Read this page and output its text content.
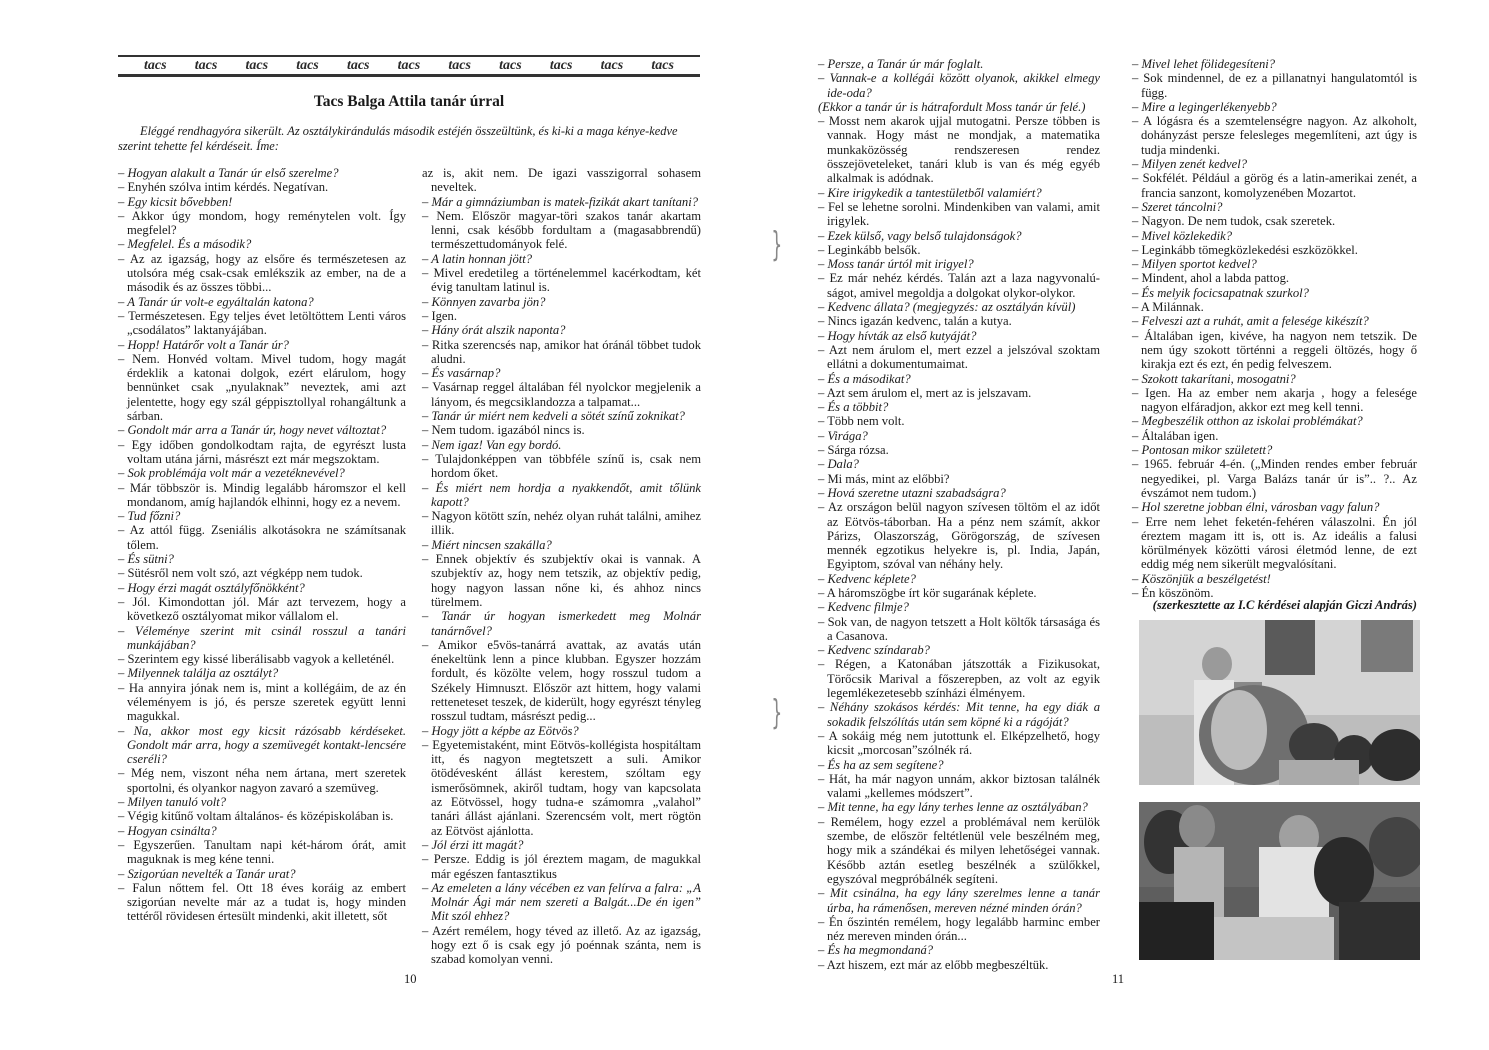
tacs tacs tacs tacs tacs tacs tacs tacs tacs tacs tacs
Tacs Balga Attila tanár úrral
Eléggé rendhagyóra sikerült. Az osztálykirándulás második estéjén összeültünk, és ki-ki a maga kénye-kedve szerint tehette fel kérdéseit. Íme:

– Hogyan alakult a Tanár úr első szerelme?

– Enyhén szólva intim kérdés. Negatívan.

– Egy kicsit bővebben!

– Akkor úgy mondom, hogy reménytelen volt. Így megfelel?

– Megfelel. És a második?

– Az az igazság, hogy az elsőre és természetesen az utolsóra még csak-csak emlékszik az ember, na de a második és az összes többi...

– A Tanár úr volt-e egyáltalán katona?

– Természetesen. Egy teljes évet letöltöttem Lenti város „csodálatos” laktanyájában.

– Hopp! Határőr volt a Tanár úr?

– Nem. Honvéd voltam. Mivel tudom, hogy magát érdeklik a katonai dolgok, ezért elárulom, hogy bennünket csak „nyulaknak” neveztek, ami azt jelentette, hogy egy szál géppisztollyal rohangáltunk a sárban.

– Gondolt már arra a Tanár úr, hogy nevet változtat?

– Egy időben gondolkodtam rajta, de egyrészt lusta voltam utána járni, másrészt ezt már megszoktam.

– Sok problémája volt már a vezetéknevével?

– Már többször is. Mindig legalább háromszor el kell mondanom, amíg hajlandók elhinni, hogy ez a nevem.

– Tud főzni?

– Az attól függ. Zseniális alkotásokra ne számítsanak tőlem.

– És sütni?

– Sütésről nem volt szó, azt végképp nem tudok.

– Hogy érzi magát osztályfőnökként?

– Jól. Kimondottan jól. Már azt tervezem, hogy a következő osztályomat mikor vállalom el.

– Véleménye szerint mit csinál rosszul a tanári munkájában?

– Szerintem egy kissé liberálisabb vagyok a kelleténél.

– Milyennek találja az osztályt?

– Ha annyira jónak nem is, mint a kollégáim, de az én véleményem is jó, és persze szeretek együtt lenni magukkal.

– Na, akkor most egy kicsit rázósabb kérdéseket. Gondolt már arra, hogy a szemüvegét kontakt-lencsére cseréli?

– Még nem, viszont néha nem ártana, mert szeretek sportolni, és olyankor nagyon zavaró a szemüveg.

– Milyen tanuló volt?

– Végig kitűnő voltam általános- és középiskolában is.

– Hogyan csinálta?

– Egyszerűen. Tanultam napi két-három órát, amit maguknak is meg kéne tenni.

– Szigorúan nevelték a Tanár urat?

– Falun nőttem fel. Ott 18 éves koráig az embert szigorúan nevelte már az a tudat is, hogy minden tettéről rövidesen értesült mindenki, akit illetett, sőt

az is, akit nem. De igazi vasszigorral sohasem neveltek.

– Már a gimnáziumban is matek-fizikát akart tanítani?

– Nem. Először magyar-töri szakos tanár akartam lenni, csak később fordultam a (magasabbrendű) természettudományok felé.

– A latin honnan jött?

– Mivel eredetileg a történelemmel kacérkodtam, két évig tanultam latinul is.

– Könnyen zavarba jön?

– Igen.

– Hány órát alszik naponta?

– Ritka szerencsés nap, amikor hat óránál többet tudok aludni.

– És vasárnap?

– Vasárnap reggel általában fél nyolckor megjelenik a lányom, és megcsiklandozza a talpamat...

– Tanár úr miért nem kedveli a sötét színű zoknikat?

– Nem tudom. igazából nincs is.

– Nem igaz! Van egy bordó.

– Tulajdonképpen van többféle színű is, csak nem hordom őket.

– És miért nem hordja a nyakkendőt, amit tőlünk kapott?

– Nagyon kötött szín, nehéz olyan ruhát találni, amihez illik.

– Miért nincsen szakálla?

– Ennek objektív és szubjektív okai is vannak. A szubjektív az, hogy nem tetszik, az objektív pedig, hogy nagyon lassan nőne ki, és ahhoz nincs türelmem.

– Tanár úr hogyan ismerkedett meg Molnár tanárnővel?

– Amikor e5vös-tanárrá avattak, az avatás után énekeltünk lenn a pince klubban. Egyszer hozzám fordult, és közölte velem, hogy rosszul tudom a Székely Himnuszt. Először azt hittem, hogy valami retteneteset teszek, de kiderült, hogy egyrészt tényleg rosszul tudtam, másrészt pedig...

– Hogy jött a képbe az Eötvös?

– Egyetemistaként, mint Eötvös-kollégista hospitáltam itt, és nagyon megtetszett a suli. Amikor ötödévesként állást kerestem, szóltam egy ismerősömnek, akiről tudtam, hogy van kapcsolata az Eötvössel, hogy tudna-e számomra „valahol” tanári állást ajánlani. Szerencsém volt, mert rögtön az Eötvöst ajánlotta.

– Jól érzi itt magát?

– Persze. Eddig is jól éreztem magam, de magukkal már egészen fantasztikus

– Az emeleten a lány vécében ez van felírva a falra: „A Molnár Ági már nem szereti a Balgát...De én igen” Mit szól ehhez?

– Azért remélem, hogy téved az illető. Az az igazság, hogy ezt ő is csak egy jó poénnak szánta, nem is szabad komolyan venni.

10
}
}

– Persze, a Tanár úr már foglalt.

– Vannak-e a kollégái között olyanok, akikkel elmegy ide-oda?

(Ekkor a tanár úr is hátrafordult Moss tanár úr felé.)

– Mosst nem akarok ujjal mutogatni. Persze többen is vannak. Hogy mást ne mondjak, a matematika munkaközösség rendszeresen rendez összejöveteleket, tanári klub is van és még egyéb alkalmak is adódnak.

– Kire irigykedik a tantestületből valamiért?

– Fel se lehetne sorolni. Mindenkiben van valami, amit irigylek.

– Ezek külső, vagy belső tulajdonságok?

– Leginkább belsők.

– Moss tanár úrtól mit irigyel?

– Ez már nehéz kérdés. Talán azt a laza nagyvonalú-ságot, amivel megoldja a dolgokat olykor-olykor.

– Kedvenc állata? (megjegyzés: az osztályán kívül)

– Nincs igazán kedvenc, talán a kutya.

– Hogy hívták az első kutyáját?

– Azt nem árulom el, mert ezzel a jelszóval szoktam ellátni a dokumentumaimat.

– És a másodikat?

– Azt sem árulom el, mert az is jelszavam.

– És a többit?

– Több nem volt.

– Virága?

– Sárga rózsa.

– Dala?

– Mi más, mint az előbbi?

– Hová szeretne utazni szabadságra?

– Az országon belül nagyon szívesen töltöm el az időt az Eötvös-táborban. Ha a pénz nem számít, akkor Párizs, Olaszország, Görögország, de szívesen mennék egzotikus helyekre is, pl. India, Japán, Egyiptom, szóval van néhány hely.

– Kedvenc képlete?

– A háromszögbe írt kör sugarának képlete.

– Kedvenc filmje?

– Sok van, de nagyon tetszett a Holt költők társasága és a Casanova.

– Kedvenc színdarab?

– Régen, a Katonában játszották a Fizikusokat, Törőcsik Marival a főszerepben, az volt az egyik legemlékezetesebb színházi élményem.

– Néhány szokásos kérdés: Mit tenne, ha egy diák a sokadik felszólítás után sem köpné ki a rágóját?

– A sokáig még nem jutottunk el. Elképzelhető, hogy kicsit „morcosan”szólnék rá.

– És ha az sem segítene?

– Hát, ha már nagyon unnám, akkor biztosan találnék valami „kellemes módszert”.

– Mit tenne, ha egy lány terhes lenne az osztályában?

– Remélem, hogy ezzel a problémával nem kerülök szembe, de először feltétlenül vele beszélném meg, hogy mik a szándékai és milyen lehetőségei vannak. Később aztán esetleg beszélnék a szülőkkel, egyszóval megpróbálnék segíteni.

– Mit csinálna, ha egy lány szerelmes lenne a tanár úrba, ha rámenősen, mereven nézné minden órán?

– Én őszintén remélem, hogy legalább harminc ember néz mereven minden órán...

– És ha megmondaná?

– Azt hiszem, ezt már az előbb megbeszéltük.

– Mivel lehet fölidegesíteni?

– Sok mindennel, de ez a pillanatnyi hangulatomtól is függ.

– Mire a legingerlékenyebb?

– A lógásra és a szemtelenségre nagyon. Az alkoholt, dohányzást persze felesleges megemlíteni, azt úgy is tudja mindenki.

– Milyen zenét kedvel?

– Sokfélét. Például a görög és a latin-amerikai zenét, a francia sanzont, komolyzenében Mozartot.

– Szeret táncolni?

– Nagyon. De nem tudok, csak szeretek.

– Mivel közlekedik?

– Leginkább tömegközlekedési eszközökkel.

– Milyen sportot kedvel?

– Mindent, ahol a labda pattog.

– És melyik focicsapatnak szurkol?

– A Milánnak.

– Felveszi azt a ruhát, amit a felesége kikészít?

– Általában igen, kivéve, ha nagyon nem tetszik. De nem úgy szokott történni a reggeli öltözés, hogy ő kirakja ezt és ezt, én pedig felveszem.

– Szokott takarítani, mosogatni?

– Igen. Ha az ember nem akarja , hogy a felesége nagyon elfáradjon, akkor ezt meg kell tenni.

– Megbeszélik otthon az iskolai problémákat?

– Általában igen.

– Pontosan mikor született?

– 1965. február 4-én. („Minden rendes ember február negyedikei, pl. Varga Balázs tanár úr is”.. ?.. Az évszámot nem tudom.)

– Hol szeretne jobban élni, városban vagy falun?

– Erre nem lehet feketén-fehéren válaszolni. Én jól éreztem magam itt is, ott is. Az ideális a falusi körülmények közötti városi életmód lenne, de ezt eddig még nem sikerült megvalósítani.

– Köszönjük a beszélgetést!

– Én köszönöm.

(szerkesztette az I.C kérdései alapján Giczi András)

11
